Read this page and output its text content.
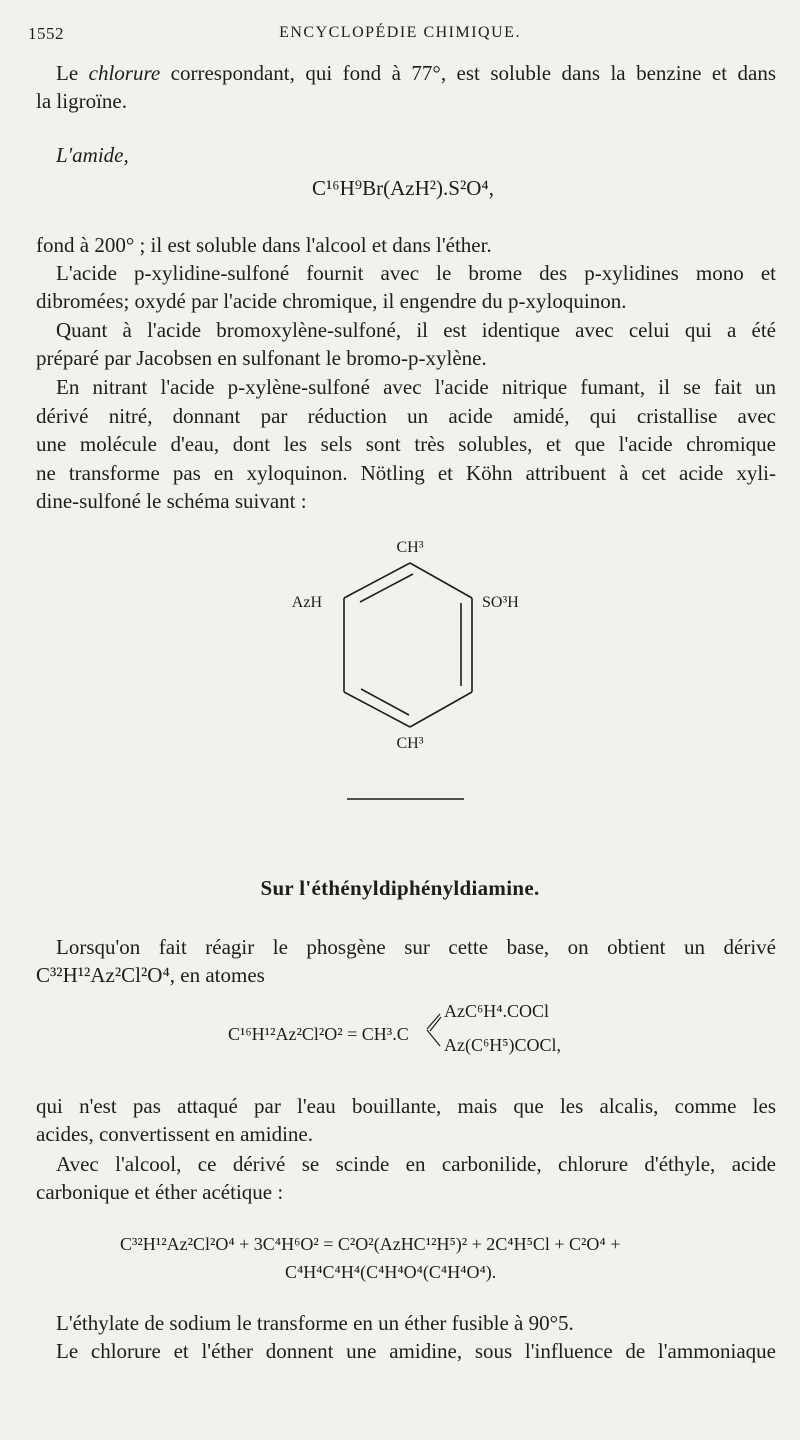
1552	ENCYCLOPÉDIE CHIMIQUE.
Le chlorure correspondant, qui fond à 77°, est soluble dans la benzine et dans
la ligroïne.
L'amide,
C¹⁶H⁹Br(AzH²).S²O⁴,
fond à 200° ; il est soluble dans l'alcool et dans l'éther.
L'acide p-xylidine-sulfoné fournit avec le brome des p-xylidines mono et
dibromées; oxydé par l'acide chromique, il engendre du p-xyloquinon.
Quant à l'acide bromoxylène-sulfoné, il est identique avec celui qui a été
préparé par Jacobsen en sulfonant le bromo-p-xylène.
En nitrant l'acide p-xylène-sulfoné avec l'acide nitrique fumant, il se fait un
dérivé nitré, donnant par réduction un acide amidé, qui cristallise avec
une molécule d'eau, dont les sels sont très solubles, et que l'acide chromique
ne transforme pas en xyloquinon. Nötling et Köhn attribuent à cet acide xyli-
dine-sulfoné le schéma suivant :
CH³
AzH	SO³H
CH³
Sur l'éthényldiphényldiamine.
Lorsqu'on fait réagir le phosgène sur cette base, on obtient un dérivé
C³²H¹²Az²Cl²O⁴, en atomes
C¹⁶H¹²Az²Cl²O² = CH³.C
AzC⁶H⁴.COCl
Az(C⁶H⁵)COCl,
qui n'est pas attaqué par l'eau bouillante, mais que les alcalis, comme les
acides, convertissent en amidine.
Avec l'alcool, ce dérivé se scinde en carbonilide, chlorure d'éthyle, acide
carbonique et éther acétique :
C³²H¹²Az²Cl²O⁴ + 3C⁴H⁶O² = C²O²(AzHC¹²H⁵)² + 2C⁴H⁵Cl + C²O⁴ +
C⁴H⁴C⁴H⁴(C⁴H⁴O⁴(C⁴H⁴O⁴).
L'éthylate de sodium le transforme en un éther fusible à 90°5.
Le chlorure et l'éther donnent une amidine, sous l'influence de l'ammoniaque
